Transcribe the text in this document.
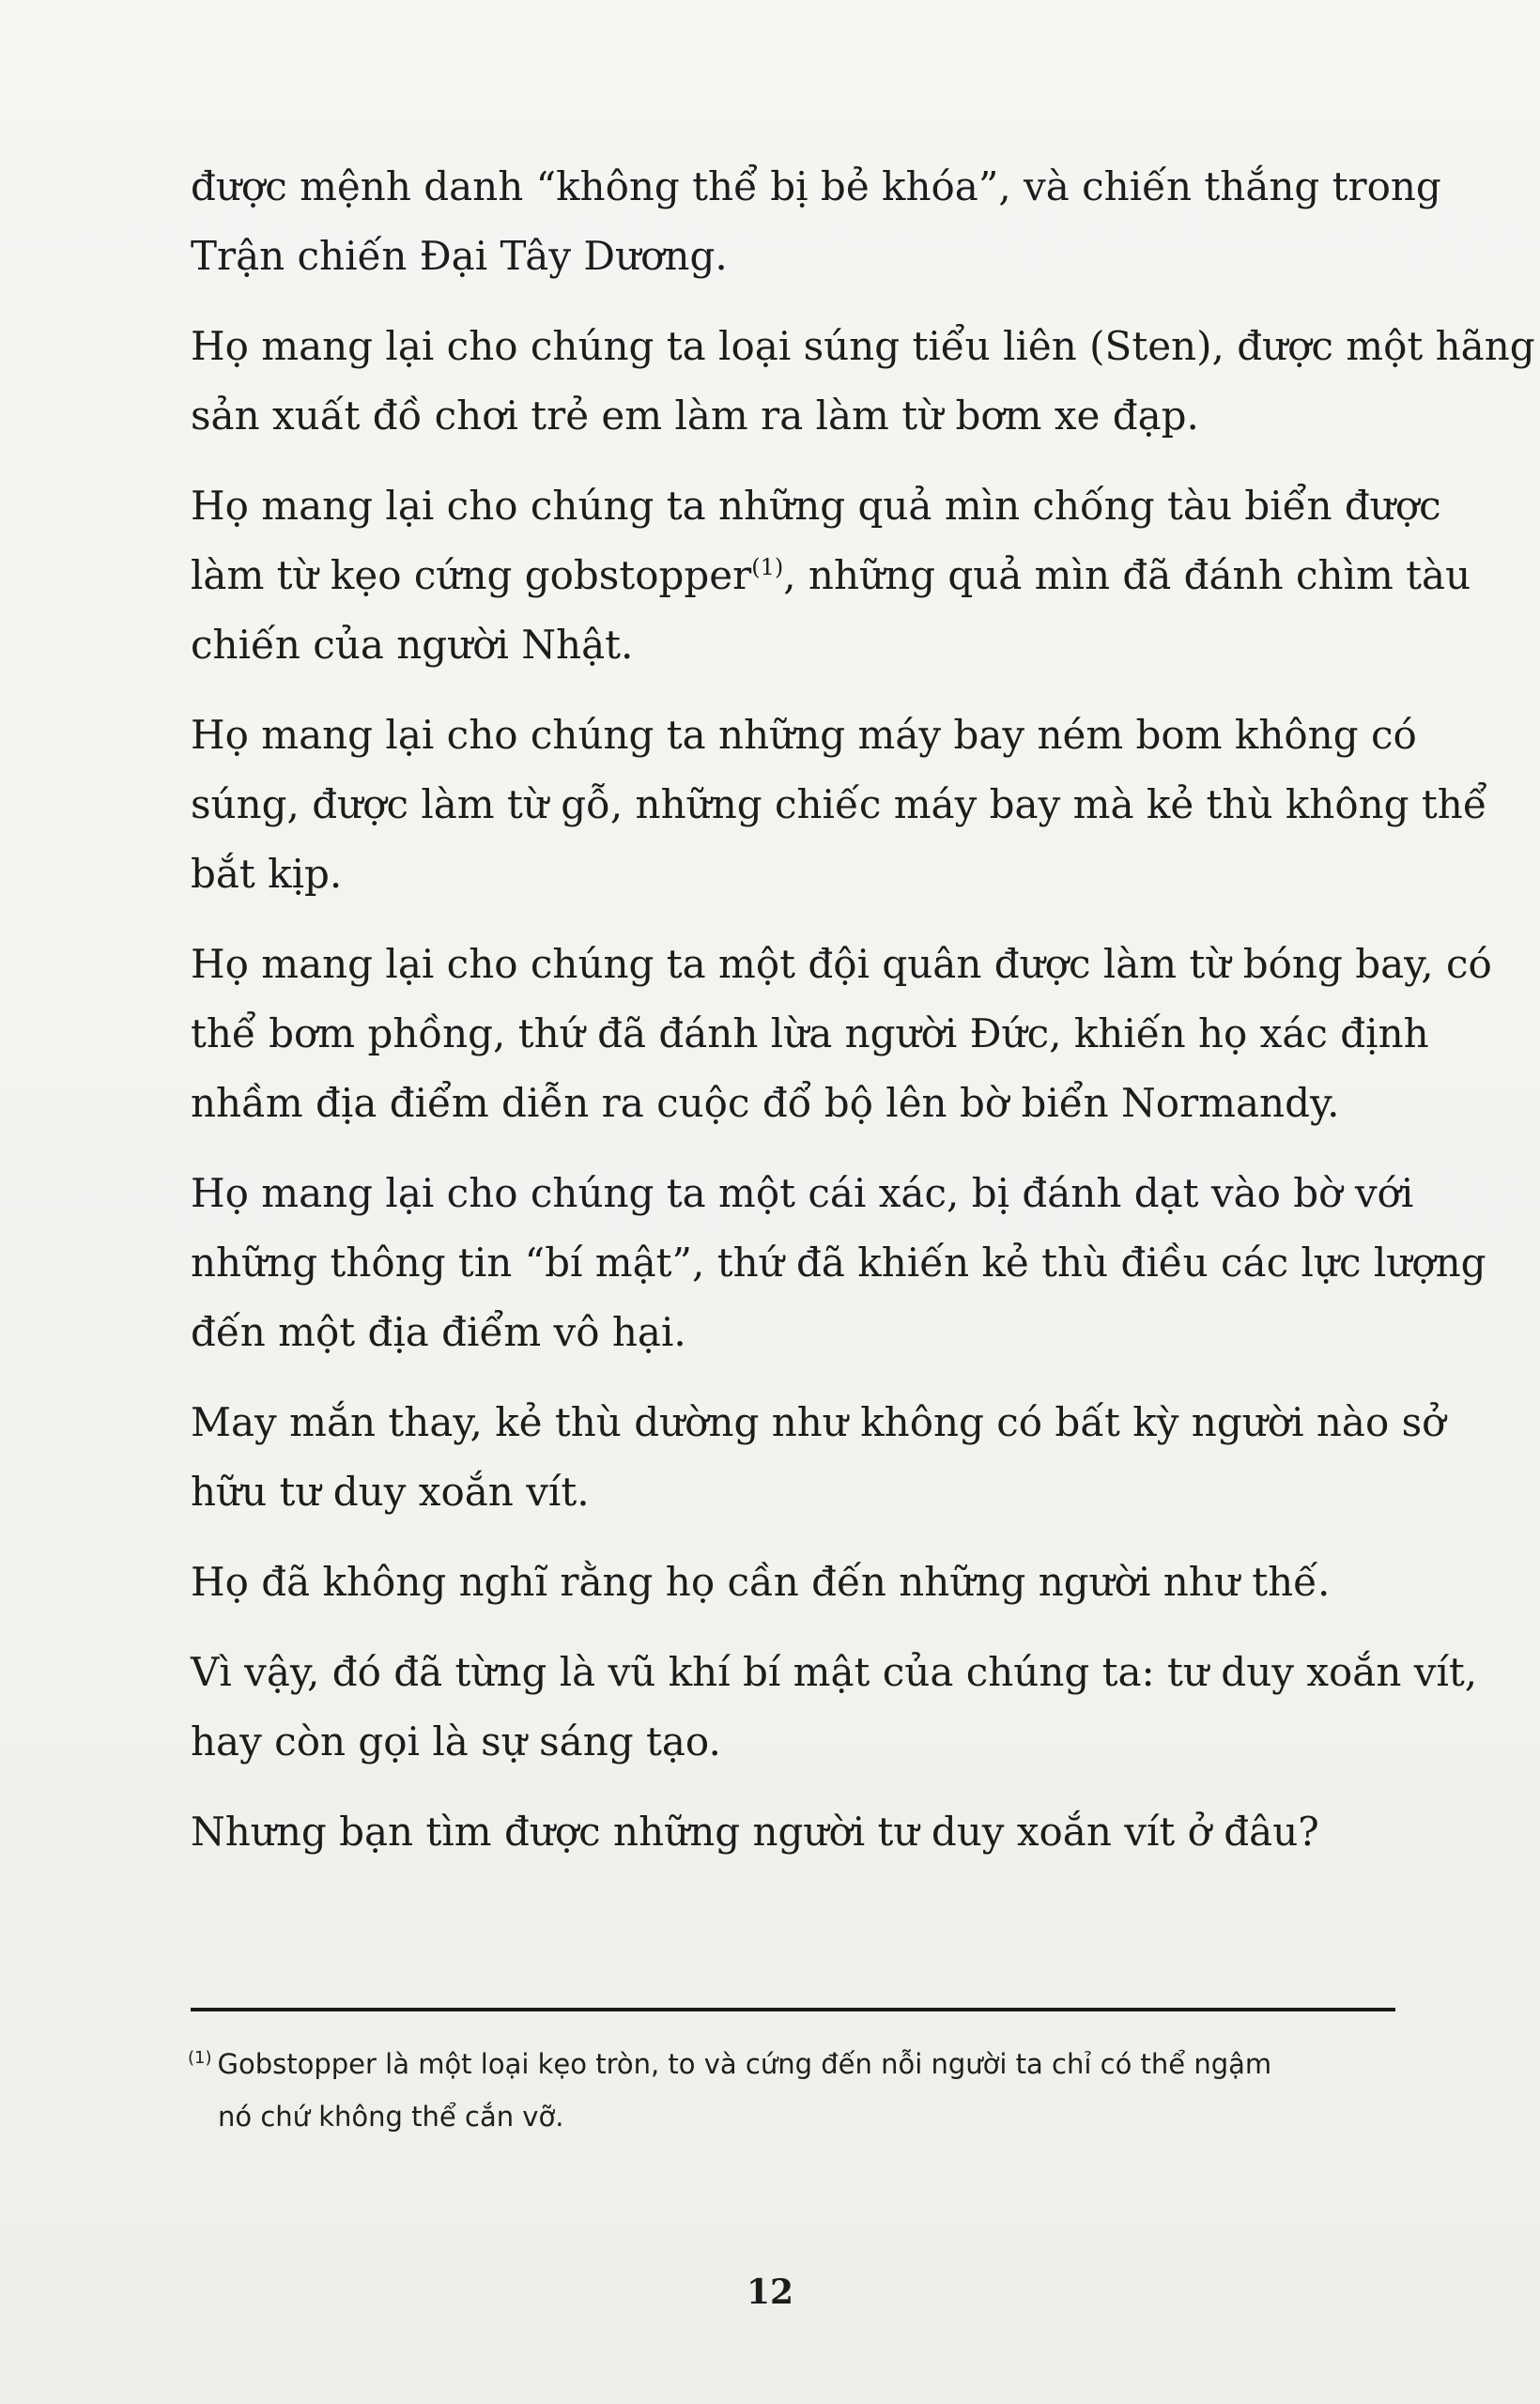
được mệnh danh “không thể bị bẻ khóa”, và chiến thắng trong
Trận chiến Đại Tây Dương.

Họ mang lại cho chúng ta loại súng tiểu liên (Sten), được một hãng
sản xuất đồ chơi trẻ em làm ra làm từ bơm xe đạp.

Họ mang lại cho chúng ta những quả mìn chống tàu biển được
làm từ kẹo cứng gobstopper$^{(1)}$, những quả mìn đã đánh chìm tàu
chiến của người Nhật.

Họ mang lại cho chúng ta những máy bay ném bom không có
súng, được làm từ gỗ, những chiếc máy bay mà kẻ thù không thể
bắt kịp.

Họ mang lại cho chúng ta một đội quân được làm từ bóng bay, có
thể bơm phồng, thứ đã đánh lừa người Đức, khiến họ xác định
nhầm địa điểm diễn ra cuộc đổ bộ lên bờ biển Normandy.

Họ mang lại cho chúng ta một cái xác, bị đánh dạt vào bờ với
những thông tin “bí mật”, thứ đã khiến kẻ thù điều các lực lượng
đến một địa điểm vô hại.

May mắn thay, kẻ thù dường như không có bất kỳ người nào sở
hữu tư duy xoắn vít.

Họ đã không nghĩ rằng họ cần đến những người như thế.

Vì vậy, đó đã từng là vũ khí bí mật của chúng ta: tư duy xoắn vít,
hay còn gọi là sự sáng tạo.

Nhưng bạn tìm được những người tư duy xoắn vít ở đâu?

$^{(1)}$ Gobstopper là một loại kẹo tròn, to và cứng đến nỗi người ta chỉ có thể ngậm
nó chứ không thể cắn vỡ.
12
